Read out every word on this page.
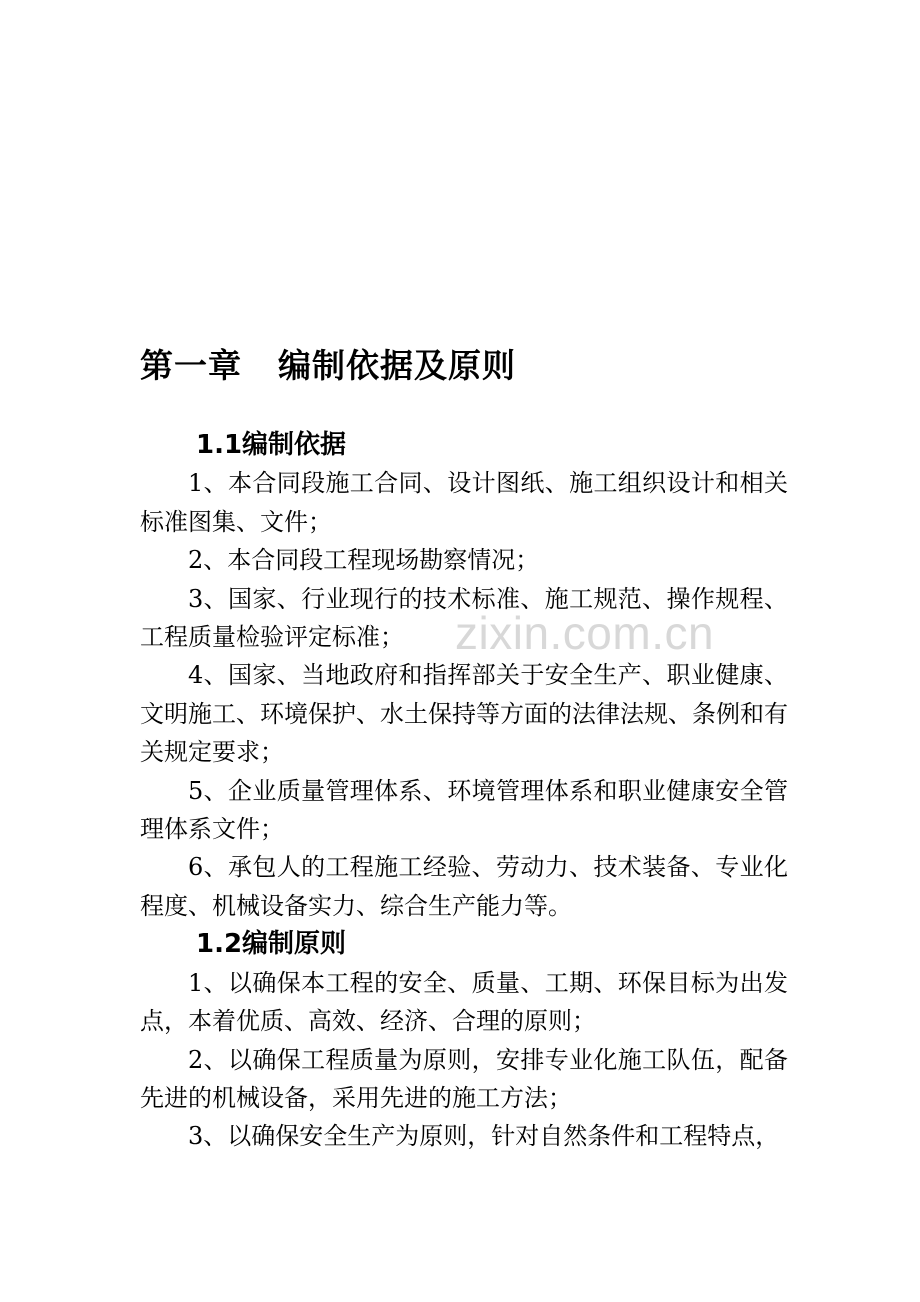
第一章 编制依据及原则
1.1编制依据

1、本合同段施工合同、设计图纸、施工组织设计和相关标准图集、文件；

2、本合同段工程现场勘察情况；

3、国家、行业现行的技术标准、施工规范、操作规程、工程质量检验评定标准；

4、国家、当地政府和指挥部关于安全生产、职业健康、文明施工、环境保护、水土保持等方面的法律法规、条例和有关规定要求；

5、企业质量管理体系、环境管理体系和职业健康安全管理体系文件；

6、承包人的工程施工经验、劳动力、技术装备、专业化程度、机械设备实力、综合生产能力等。

1.2编制原则

1、以确保本工程的安全、质量、工期、环保目标为出发点，本着优质、高效、经济、合理的原则；

2、以确保工程质量为原则，安排专业化施工队伍，配备先进的机械设备，采用先进的施工方法；

3、以确保安全生产为原则，针对自然条件和工程特点，

zixin.com.cn
